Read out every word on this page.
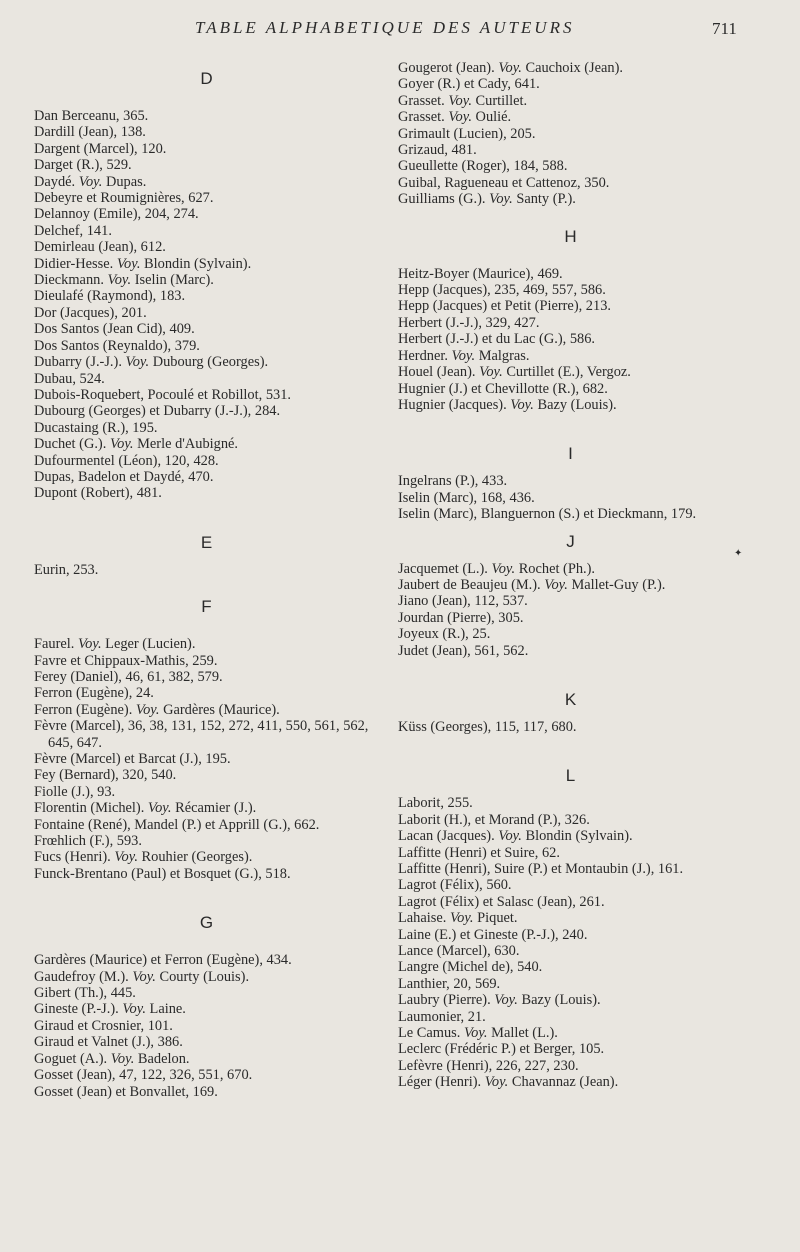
TABLE ALPHABETIQUE DES AUTEURS	711
D
Dan Berceanu, 365.
Dardill (Jean), 138.
Dargent (Marcel), 120.
Darget (R.), 529.
Daydé. Voy. Dupas.
Debeyre et Roumignières, 627.
Delannoy (Emile), 204, 274.
Delchef, 141.
Demirleau (Jean), 612.
Didier-Hesse. Voy. Blondin (Sylvain).
Dieckmann. Voy. Iselin (Marc).
Dieulafé (Raymond), 183.
Dor (Jacques), 201.
Dos Santos (Jean Cid), 409.
Dos Santos (Reynaldo), 379.
Dubarry (J.-J.). Voy. Dubourg (Georges).
Dubau, 524.
Dubois-Roquebert, Pocoulé et Robillot, 531.
Dubourg (Georges) et Dubarry (J.-J.), 284.
Ducastaing (R.), 195.
Duchet (G.). Voy. Merle d'Aubigné.
Dufourmentel (Léon), 120, 428.
Dupas, Badelon et Daydé, 470.
Dupont (Robert), 481.
E
Eurin, 253.
F
Faurel. Voy. Leger (Lucien).
Favre et Chippaux-Mathis, 259.
Ferey (Daniel), 46, 61, 382, 579.
Ferron (Eugène), 24.
Ferron (Eugène). Voy. Gardères (Maurice).
Fèvre (Marcel), 36, 38, 131, 152, 272, 411, 550, 561, 562, 645, 647.
Fèvre (Marcel) et Barcat (J.), 195.
Fey (Bernard), 320, 540.
Fiolle (J.), 93.
Florentin (Michel). Voy. Récamier (J.).
Fontaine (René), Mandel (P.) et Apprill (G.), 662.
Frœhlich (F.), 593.
Fucs (Henri). Voy. Rouhier (Georges).
Funck-Brentano (Paul) et Bosquet (G.), 518.
G
Gardères (Maurice) et Ferron (Eugène), 434.
Gaudefroy (M.). Voy. Courty (Louis).
Gibert (Th.), 445.
Gineste (P.-J.). Voy. Laine.
Giraud et Crosnier, 101.
Giraud et Valnet (J.), 386.
Goguet (A.). Voy. Badelon.
Gosset (Jean), 47, 122, 326, 551, 670.
Gosset (Jean) et Bonvallet, 169.
Gougerot (Jean). Voy. Cauchoix (Jean).
Goyer (R.) et Cady, 641.
Grasset. Voy. Curtillet.
Grasset. Voy. Oulié.
Grimault (Lucien), 205.
Grizaud, 481.
Gueullette (Roger), 184, 588.
Guibal, Ragueneau et Cattenoz, 350.
Guilliams (G.). Voy. Santy (P.).
H
Heitz-Boyer (Maurice), 469.
Hepp (Jacques), 235, 469, 557, 586.
Hepp (Jacques) et Petit (Pierre), 213.
Herbert (J.-J.), 329, 427.
Herbert (J.-J.) et du Lac (G.), 586.
Herdner. Voy. Malgras.
Houel (Jean). Voy. Curtillet (E.), Vergoz.
Hugnier (J.) et Chevillotte (R.), 682.
Hugnier (Jacques). Voy. Bazy (Louis).
I
Ingelrans (P.), 433.
Iselin (Marc), 168, 436.
Iselin (Marc), Blanguernon (S.) et Dieckmann, 179.
J
Jacquemet (L.). Voy. Rochet (Ph.).
Jaubert de Beaujeu (M.). Voy. Mallet-Guy (P.).
Jiano (Jean), 112, 537.
Jourdan (Pierre), 305.
Joyeux (R.), 25.
Judet (Jean), 561, 562.
K
Küss (Georges), 115, 117, 680.
L
Laborit, 255.
Laborit (H.), et Morand (P.), 326.
Lacan (Jacques). Voy. Blondin (Sylvain).
Laffitte (Henri) et Suire, 62.
Laffitte (Henri), Suire (P.) et Montaubin (J.), 161.
Lagrot (Félix), 560.
Lagrot (Félix) et Salasc (Jean), 261.
Lahaise. Voy. Piquet.
Laine (E.) et Gineste (P.-J.), 240.
Lance (Marcel), 630.
Langre (Michel de), 540.
Lanthier, 20, 569.
Laubry (Pierre). Voy. Bazy (Louis).
Laumonier, 21.
Le Camus. Voy. Mallet (L.).
Leclerc (Frédéric P.) et Berger, 105.
Lefèvre (Henri), 226, 227, 230.
Léger (Henri). Voy. Chavannaz (Jean).
✦
